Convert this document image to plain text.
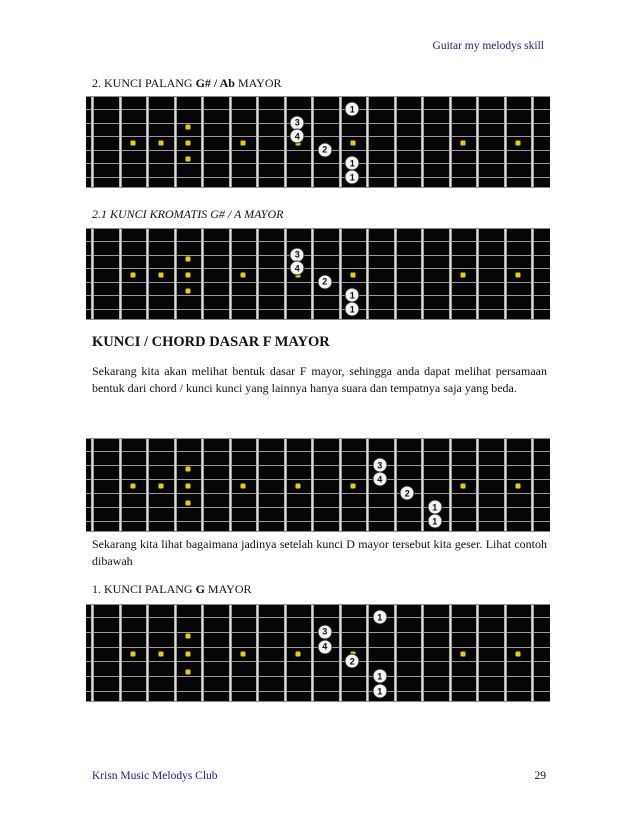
Guitar my melodys skill
2. KUNCI PALANG G# / Ab MAYOR
1
3
4
2
1
1
2.1 KUNCI KROMATIS G# / A MAYOR
3
4
2
1
1
KUNCI / CHORD DASAR F MAYOR
Sekarang kita akan melihat bentuk dasar F mayor, sehingga anda dapat melihat persamaan bentuk dari chord / kunci kunci yang lainnya hanya suara dan tempatnya saja yang beda.
3
4
2
1
1
Sekarang kita lihat bagaimana jadinya setelah kunci D mayor tersebut kita geser. Lihat contoh dibawah
1. KUNCI PALANG G MAYOR
1
3
4
2
1
1
Krisn Music Melodys Club	29
